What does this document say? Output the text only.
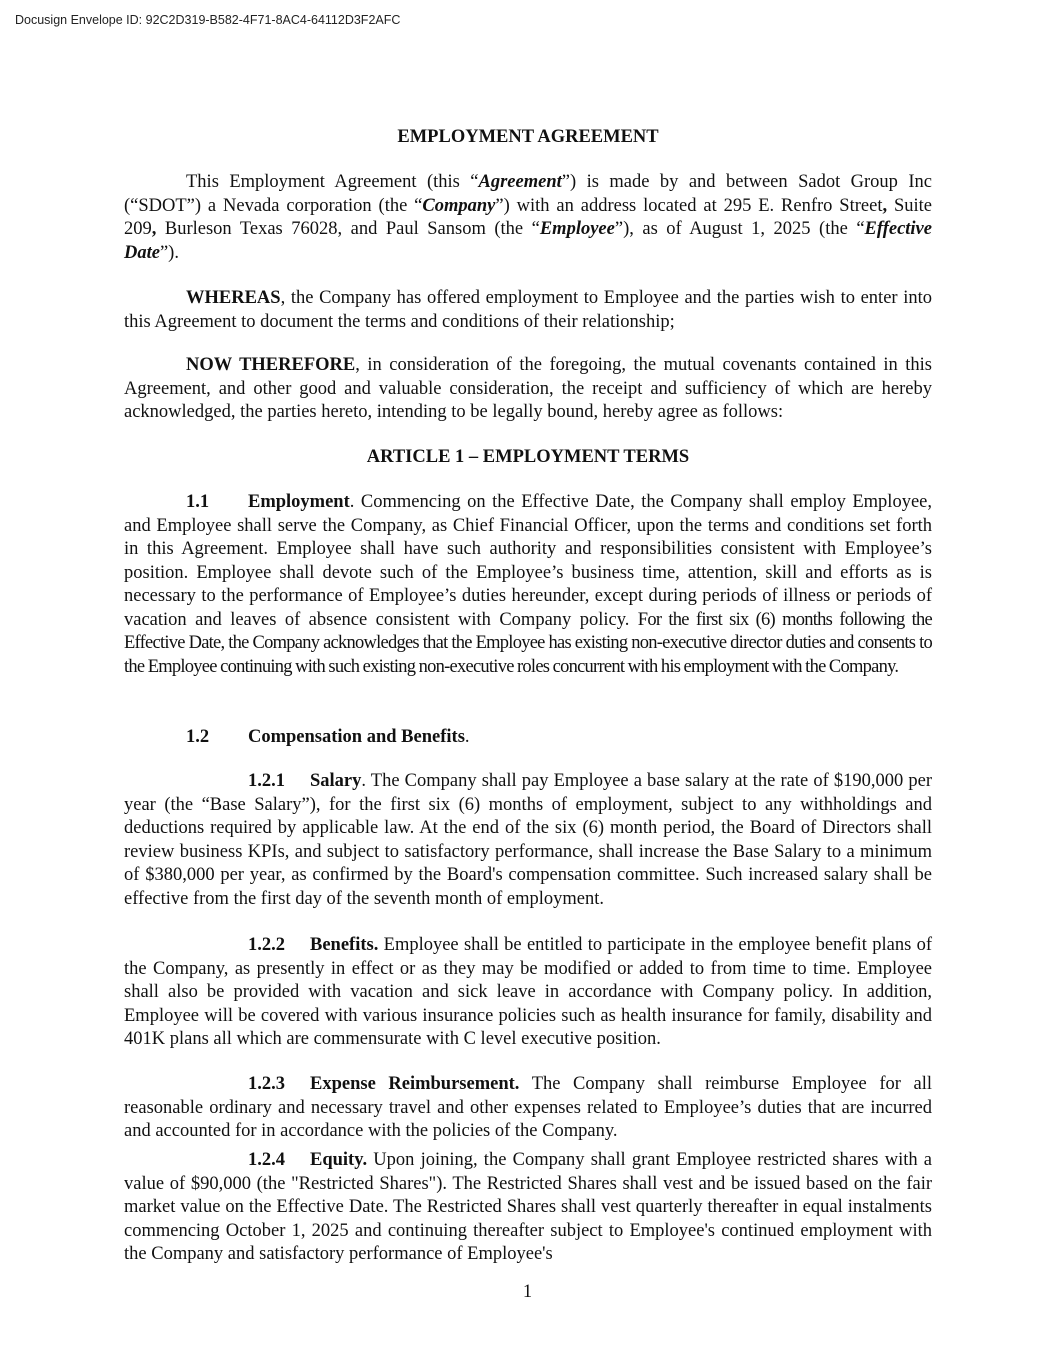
Docusign Envelope ID: 92C2D319-B582-4F71-8AC4-64112D3F2AFC

EMPLOYMENT AGREEMENT

This Employment Agreement (this “Agreement”) is made by and between Sadot Group Inc (“SDOT”) a Nevada corporation (the “Company”) with an address located at 295 E. Renfro Street, Suite 209, Burleson Texas 76028, and Paul Sansom (the “Employee”), as of August 1, 2025 (the “Effective Date”).

WHEREAS, the Company has offered employment to Employee and the parties wish to enter into this Agreement to document the terms and conditions of their relationship;

NOW THEREFORE, in consideration of the foregoing, the mutual covenants contained in this Agreement, and other good and valuable consideration, the receipt and sufficiency of which are hereby acknowledged, the parties hereto, intending to be legally bound, hereby agree as follows:

ARTICLE 1 – EMPLOYMENT TERMS

1.1 Employment. Commencing on the Effective Date, the Company shall employ Employee, and Employee shall serve the Company, as Chief Financial Officer, upon the terms and conditions set forth in this Agreement. Employee shall have such authority and responsibilities consistent with Employee’s position. Employee shall devote such of the Employee’s business time, attention, skill and efforts as is necessary to the performance of Employee’s duties hereunder, except during periods of illness or periods of vacation and leaves of absence consistent with Company policy. For the first six (6) months following the Effective Date, the Company acknowledges that the Employee has existing non-executive director duties and consents to the Employee continuing with such existing non-executive roles concurrent with his employment with the Company.

1.2 Compensation and Benefits.

1.2.1 Salary. The Company shall pay Employee a base salary at the rate of $190,000 per year (the “Base Salary”), for the first six (6) months of employment, subject to any withholdings and deductions required by applicable law. At the end of the six (6) month period, the Board of Directors shall review business KPIs, and subject to satisfactory performance, shall increase the Base Salary to a minimum of $380,000 per year, as confirmed by the Board's compensation committee. Such increased salary shall be effective from the first day of the seventh month of employment.

1.2.2 Benefits. Employee shall be entitled to participate in the employee benefit plans of the Company, as presently in effect or as they may be modified or added to from time to time. Employee shall also be provided with vacation and sick leave in accordance with Company policy. In addition, Employee will be covered with various insurance policies such as health insurance for family, disability and 401K plans all which are commensurate with C level executive position.

1.2.3 Expense Reimbursement. The Company shall reimburse Employee for all reasonable ordinary and necessary travel and other expenses related to Employee’s duties that are incurred and accounted for in accordance with the policies of the Company.

1.2.4 Equity. Upon joining, the Company shall grant Employee restricted shares with a value of $90,000 (the "Restricted Shares"). The Restricted Shares shall vest and be issued based on the fair market value on the Effective Date. The Restricted Shares shall vest quarterly thereafter in equal instalments commencing October 1, 2025 and continuing thereafter subject to Employee's continued employment with the Company and satisfactory performance of Employee's

1
